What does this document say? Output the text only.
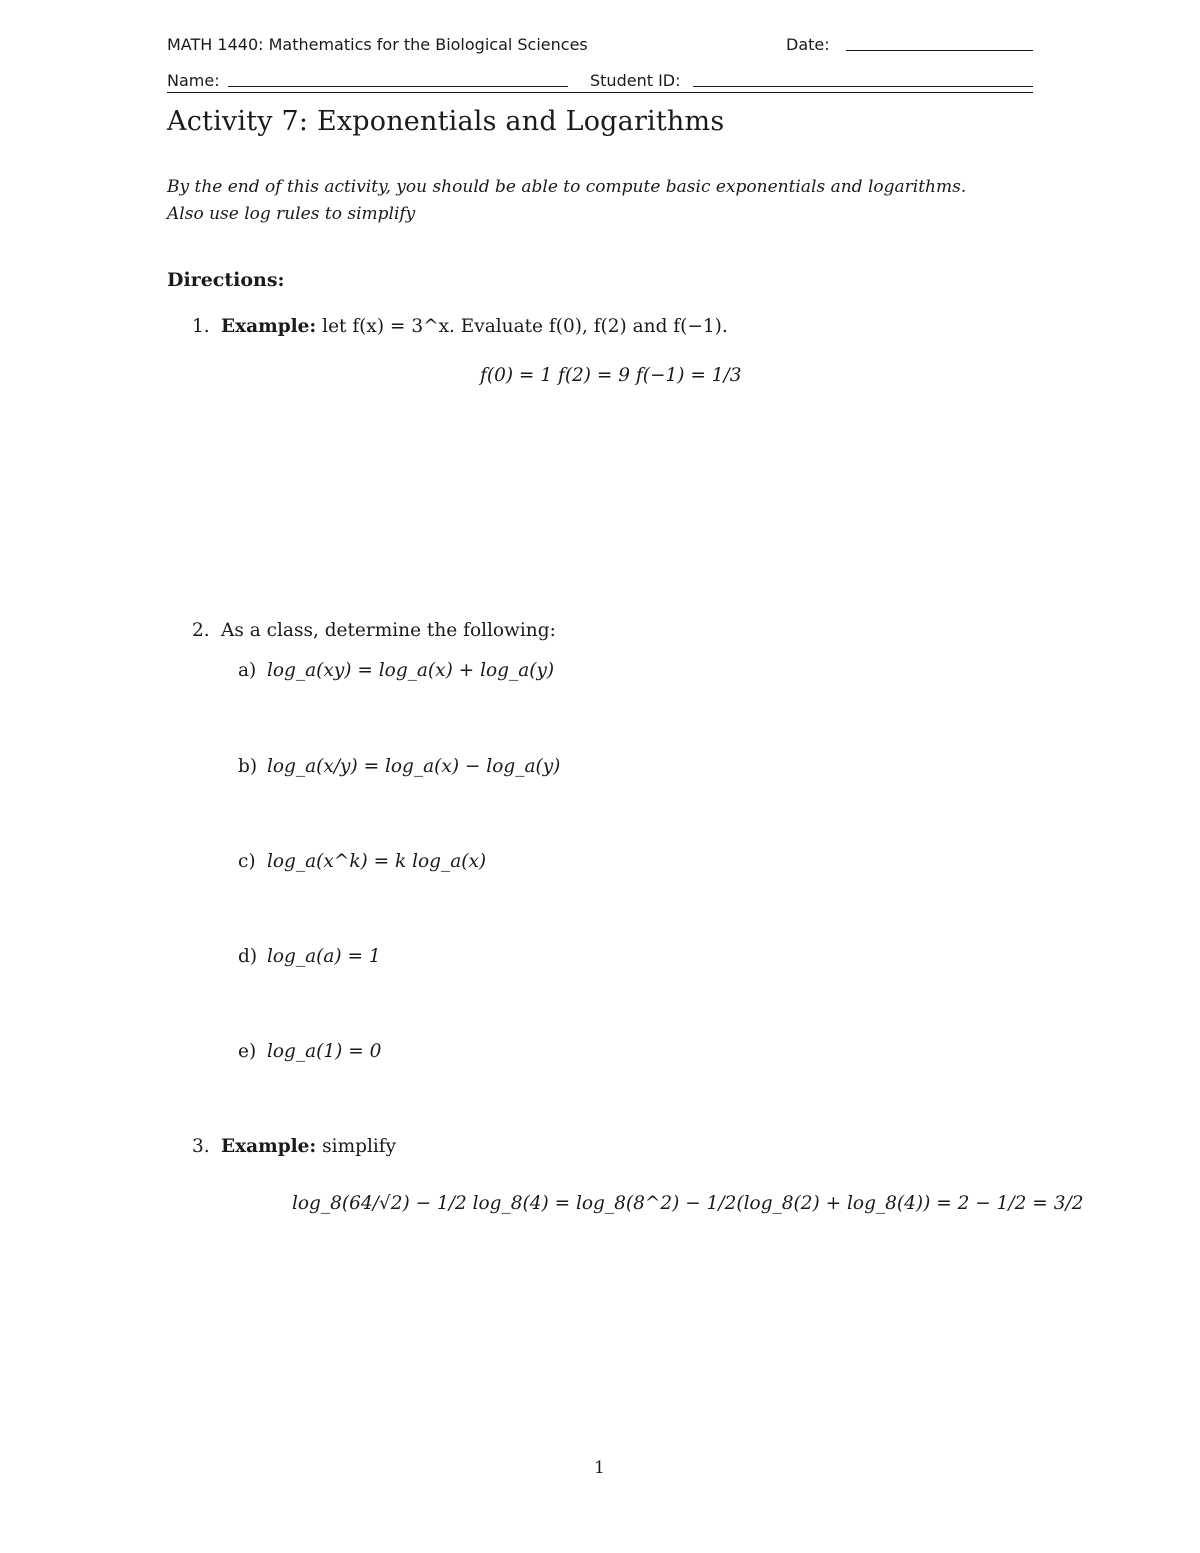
MATH 1440: Mathematics for the Biological Sciences	Date:
Name:	Student ID:
Activity 7: Exponentials and Logarithms
By the end of this activity, you should be able to compute basic exponentials and logarithms.
Also use log rules to simplify
Directions:
1. Example: let f(x) = 3^x. Evaluate f(0), f(2) and f(−1).
f(0) = 1 f(2) = 9 f(−1) = 1/3
2. As a class, determine the following:
a) log_a(xy) = log_a(x) + log_a(y)
b) log_a(x/y) = log_a(x) − log_a(y)
c) log_a(x^k) = k log_a(x)
d) log_a(a) = 1
e) log_a(1) = 0
3. Example: simplify
log_8(64/√2) − 1/2 log_8(4) = log_8(8^2) − 1/2(log_8(2) + log_8(4)) = 2 − 1/2 = 3/2
1
